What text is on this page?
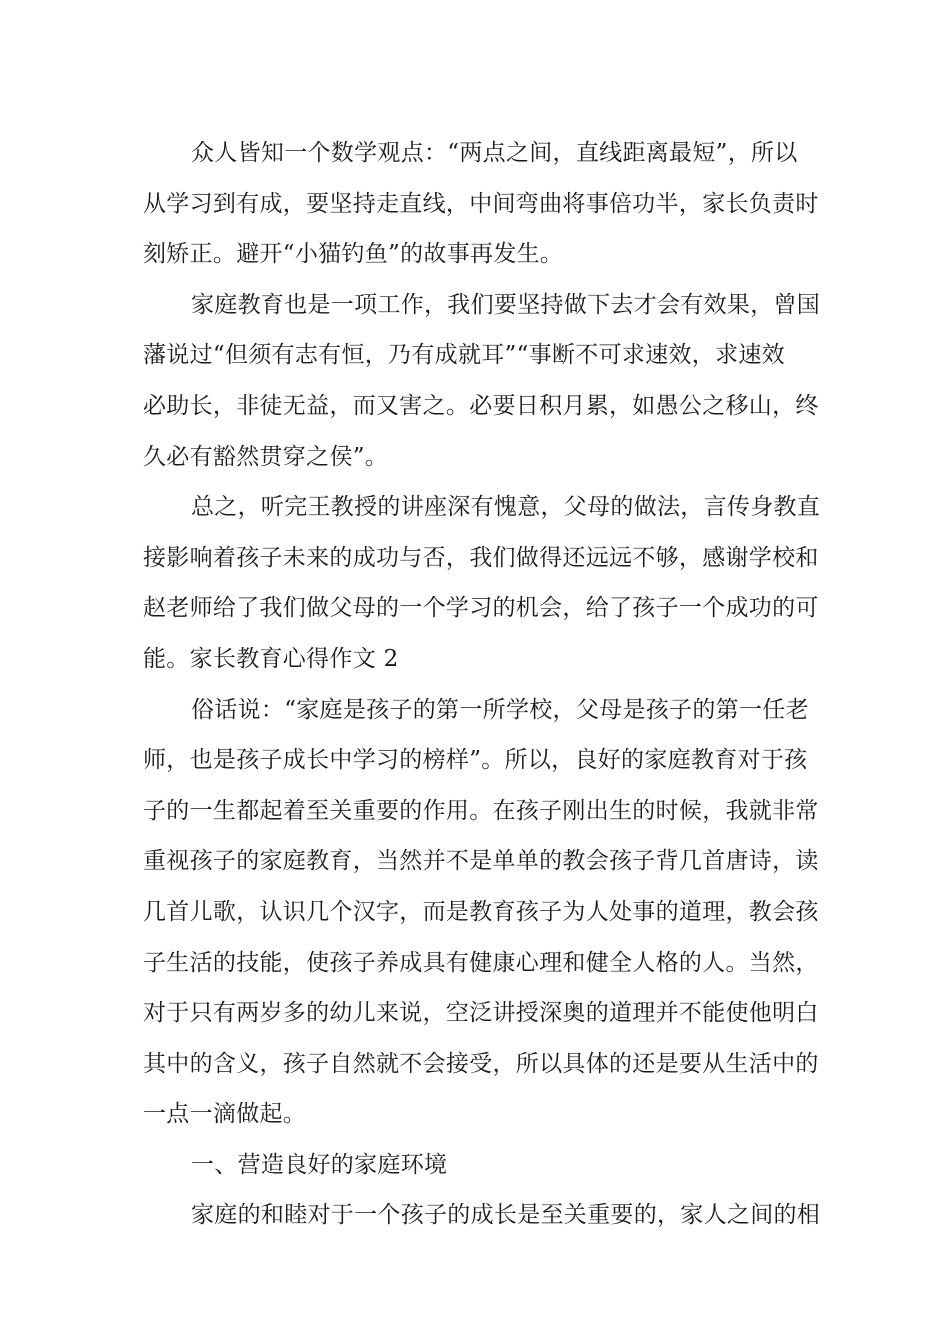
众人皆知一个数学观点：“两点之间，直线距离最短”，所以
从学习到有成，要坚持走直线，中间弯曲将事倍功半，家长负责时
刻矫正。避开“小猫钓鱼”的故事再发生。
家庭教育也是一项工作，我们要坚持做下去才会有效果，曾国
藩说过“但须有志有恒，乃有成就耳”“事断不可求速效，求速效
必助长，非徒无益，而又害之。必要日积月累，如愚公之移山，终
久必有豁然贯穿之侯”。
总之，听完王教授的讲座深有愧意，父母的做法，言传身教直
接影响着孩子未来的成功与否，我们做得还远远不够，感谢学校和
赵老师给了我们做父母的一个学习的机会，给了孩子一个成功的可
能。家长教育心得作文 2
俗话说：“家庭是孩子的第一所学校，父母是孩子的第一任老
师，也是孩子成长中学习的榜样”。所以，良好的家庭教育对于孩
子的一生都起着至关重要的作用。在孩子刚出生的时候，我就非常
重视孩子的家庭教育，当然并不是单单的教会孩子背几首唐诗，读
几首儿歌，认识几个汉字，而是教育孩子为人处事的道理，教会孩
子生活的技能，使孩子养成具有健康心理和健全人格的人。当然，
对于只有两岁多的幼儿来说，空泛讲授深奥的道理并不能使他明白
其中的含义，孩子自然就不会接受，所以具体的还是要从生活中的
一点一滴做起。
一、营造良好的家庭环境
家庭的和睦对于一个孩子的成长是至关重要的，家人之间的相
